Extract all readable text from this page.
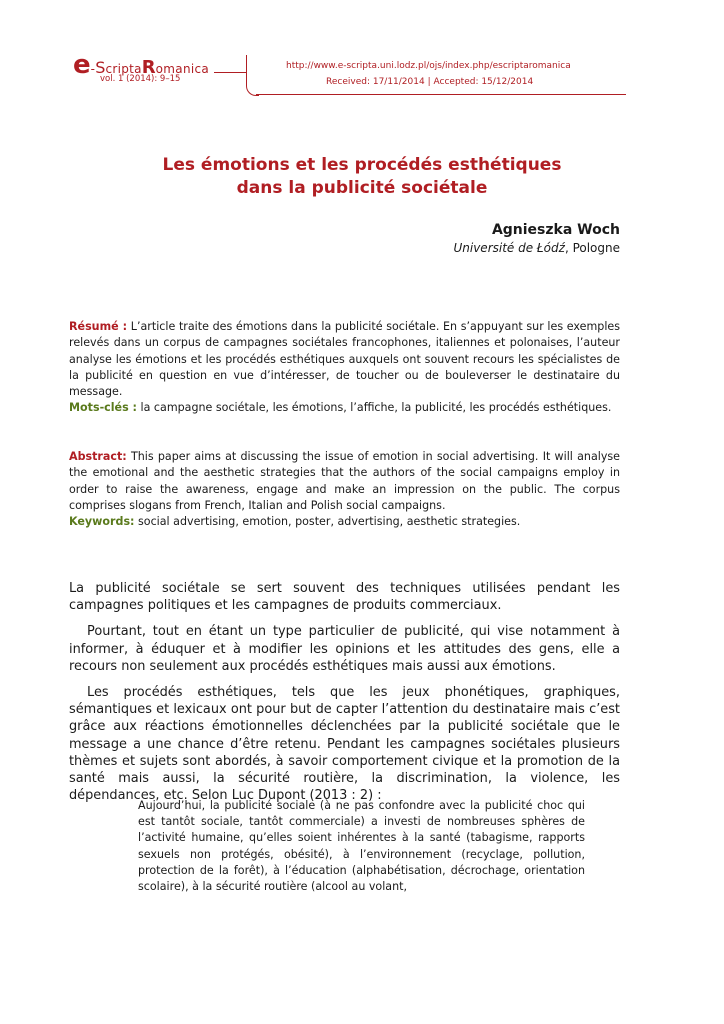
e-ScriptaRomanica
vol. 1 (2014): 9–15
http://www.e-scripta.uni.lodz.pl/ojs/index.php/escriptaromanica
Received: 17/11/2014 | Accepted: 15/12/2014
Les émotions et les procédés esthétiques
dans la publicité sociétale
Agnieszka Woch
Université de Łódź, Pologne
Résumé : L’article traite des émotions dans la publicité sociétale. En s’appuyant sur les exemples relevés dans un corpus de campagnes sociétales francophones, italiennes et polonaises, l’auteur analyse les émotions et les procédés esthétiques auxquels ont souvent recours les spécialistes de la publicité en question en vue d’intéresser, de toucher ou de bouleverser le destinataire du message.
Mots-clés : la campagne sociétale, les émotions, l’affiche, la publicité, les procédés esthétiques.
Abstract: This paper aims at discussing the issue of emotion in social advertising. It will analyse the emotional and the aesthetic strategies that the authors of the social campaigns employ in order to raise the awareness, engage and make an impression on the public. The corpus comprises slogans from French, Italian and Polish social campaigns.
Keywords: social advertising, emotion, poster, advertising, aesthetic strategies.

La publicité sociétale se sert souvent des techniques utilisées pendant les campagnes politiques et les campagnes de produits commerciaux.

Pourtant, tout en étant un type particulier de publicité, qui vise notamment à informer, à éduquer et à modifier les opinions et les attitudes des gens, elle a recours non seulement aux procédés esthétiques mais aussi aux émotions.

Les procédés esthétiques, tels que les jeux phonétiques, graphiques, sémantiques et lexicaux ont pour but de capter l’attention du destinataire mais c’est grâce aux réactions émotionnelles déclenchées par la publicité sociétale que le message a une chance d’être retenu. Pendant les campagnes sociétales plusieurs thèmes et sujets sont abordés, à savoir comportement civique et la promotion de la santé mais aussi, la sécurité routière, la discrimination, la violence, les dépendances, etc. Selon Luc Dupont (2013 : 2) :

Aujourd’hui, la publicité sociale (à ne pas confondre avec la publicité choc qui est tantôt sociale, tantôt commerciale) a investi de nombreuses sphères de l’activité humaine, qu’elles soient inhérentes à la santé (tabagisme, rapports sexuels non protégés, obésité), à l’environnement (recyclage, pollution, protection de la forêt), à l’éducation (alphabétisation, décrochage, orientation scolaire), à la sécurité routière (alcool au volant,
